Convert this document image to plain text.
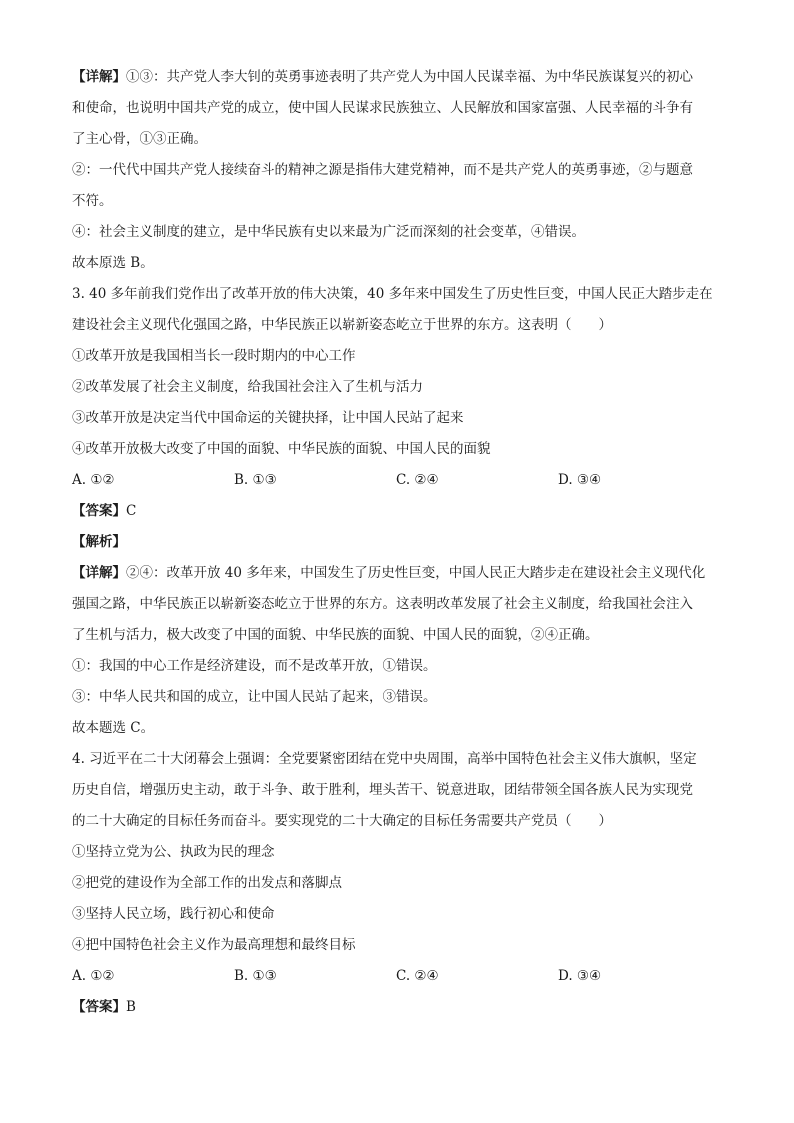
【详解】①③：共产党人李大钊的英勇事迹表明了共产党人为中国人民谋幸福、为中华民族谋复兴的初心
和使命，也说明中国共产党的成立，使中国人民谋求民族独立、人民解放和国家富强、人民幸福的斗争有
了主心骨，①③正确。
②：一代代中国共产党人接续奋斗的精神之源是指伟大建党精神，而不是共产党人的英勇事迹，②与题意
不符。
④：社会主义制度的建立，是中华民族有史以来最为广泛而深刻的社会变革，④错误。
故本原选 B。
3. 40 多年前我们党作出了改革开放的伟大决策，40 多年来中国发生了历史性巨变，中国人民正大踏步走在
建设社会主义现代化强国之路，中华民族正以崭新姿态屹立于世界的东方。这表明（　　）
①改革开放是我国相当长一段时期内的中心工作
②改革发展了社会主义制度，给我国社会注入了生机与活力
③改革开放是决定当代中国命运的关键抉择，让中国人民站了起来
④改革开放极大改变了中国的面貌、中华民族的面貌、中国人民的面貌
A. ①②	B. ①③	C. ②④	D. ③④
【答案】C
【解析】
【详解】②④：改革开放 40 多年来，中国发生了历史性巨变，中国人民正大踏步走在建设社会主义现代化
强国之路，中华民族正以崭新姿态屹立于世界的东方。这表明改革发展了社会主义制度，给我国社会注入
了生机与活力，极大改变了中国的面貌、中华民族的面貌、中国人民的面貌，②④正确。
①：我国的中心工作是经济建设，而不是改革开放，①错误。
③：中华人民共和国的成立，让中国人民站了起来，③错误。
故本题选 C。
4. 习近平在二十大闭幕会上强调：全党要紧密团结在党中央周围，高举中国特色社会主义伟大旗帜，坚定
历史自信，增强历史主动，敢于斗争、敢于胜利，埋头苦干、锐意进取，团结带领全国各族人民为实现党
的二十大确定的目标任务而奋斗。要实现党的二十大确定的目标任务需要共产党员（　　）
①坚持立党为公、执政为民的理念
②把党的建设作为全部工作的出发点和落脚点
③坚持人民立场，践行初心和使命
④把中国特色社会主义作为最高理想和最终目标
A. ①②	B. ①③	C. ②④	D. ③④
【答案】B
